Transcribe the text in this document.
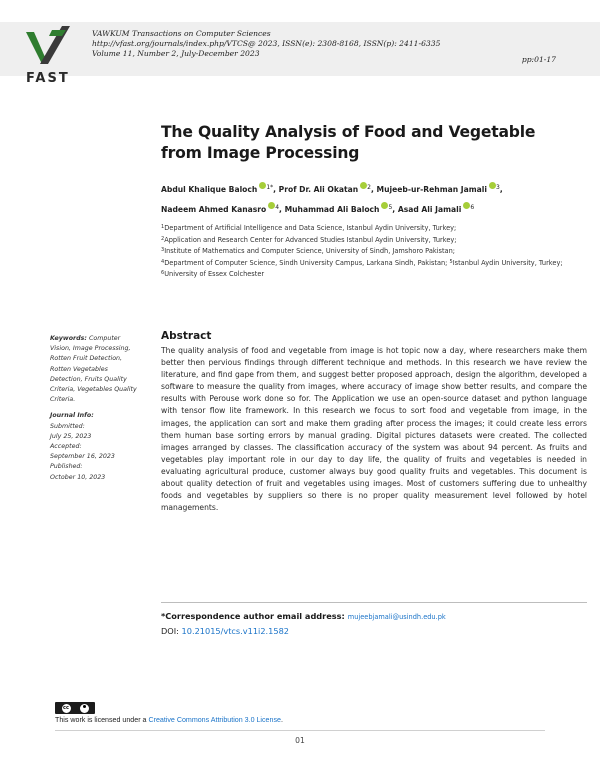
FAST
VAWKUM Transactions on Computer Sciences
http://vfast.org/journals/index.php/VTCS@ 2023, ISSN(e): 2308-8168, ISSN(p): 2411-6335
Volume 11, Number 2, July-December 2023
pp:01-17
The Quality Analysis of Food and Vegetable from Image Processing
Abdul Khalique Baloch $^{1*}$, Prof Dr. Ali Okatan $^2$, Mujeeb-ur-Rehman Jamali $^3$,
Nadeem Ahmed Kanasro $^4$, Muhammad Ali Baloch $^5$, Asad Ali Jamali $^6$
$^1$Department of Artificial Intelligence and Data Science, Istanbul Aydin University, Turkey;
$^2$Application and Research Center for Advanced Studies Istanbul Aydin University, Turkey;
$^3$Institute of Mathematics and Computer Science, University of Sindh, Jamshoro Pakistan;
$^4$Department of Computer Science, Sindh University Campus, Larkana Sindh, Pakistan; $^5$Istanbul Aydin University, Turkey; $^6$University of Essex Colchester
Keywords: Computer Vision, Image Processing, Rotten Fruit Detection, Rotten Vegetables Detection, Fruits Quality Criteria, Vegetables Quality Criteria.
Journal Info:
Submitted:
July 25, 2023
Accepted:
September 16, 2023
Published:
October 10, 2023
Abstract

The quality analysis of food and vegetable from image is hot topic now a day, where researchers make them better then pervious findings through different technique and methods. In this research we have review the literature, and find gape from them, and suggest better proposed approach, design the algorithm, developed a software to measure the quality from images, where accuracy of image show better results, and compare the results with Perouse work done so for. The Application we use an open-source dataset and python language with tensor flow lite framework. In this research we focus to sort food and vegetable from image, in the images, the application can sort and make them grading after process the images; it could create less errors them human base sorting errors by manual grading. Digital pictures datasets were created. The collected images arranged by classes. The classification accuracy of the system was about 94 percent. As fruits and vegetables play important role in our day to day life, the quality of fruits and vegetables is needed in evaluating agricultural produce, customer always buy good quality fruits and vegetables. This document is about quality detection of fruit and vegetables using images. Most of customers suffering due to unhealthy foods and vegetables by suppliers so there is no proper quality measurement level followed by hotel managements.

*Correspondence author email address: mujeebjamali@usindh.edu.pk
DOI: 10.21015/vtcs.v11i2.1582
cc
This work is licensed under a Creative Commons Attribution 3.0 License.
01
